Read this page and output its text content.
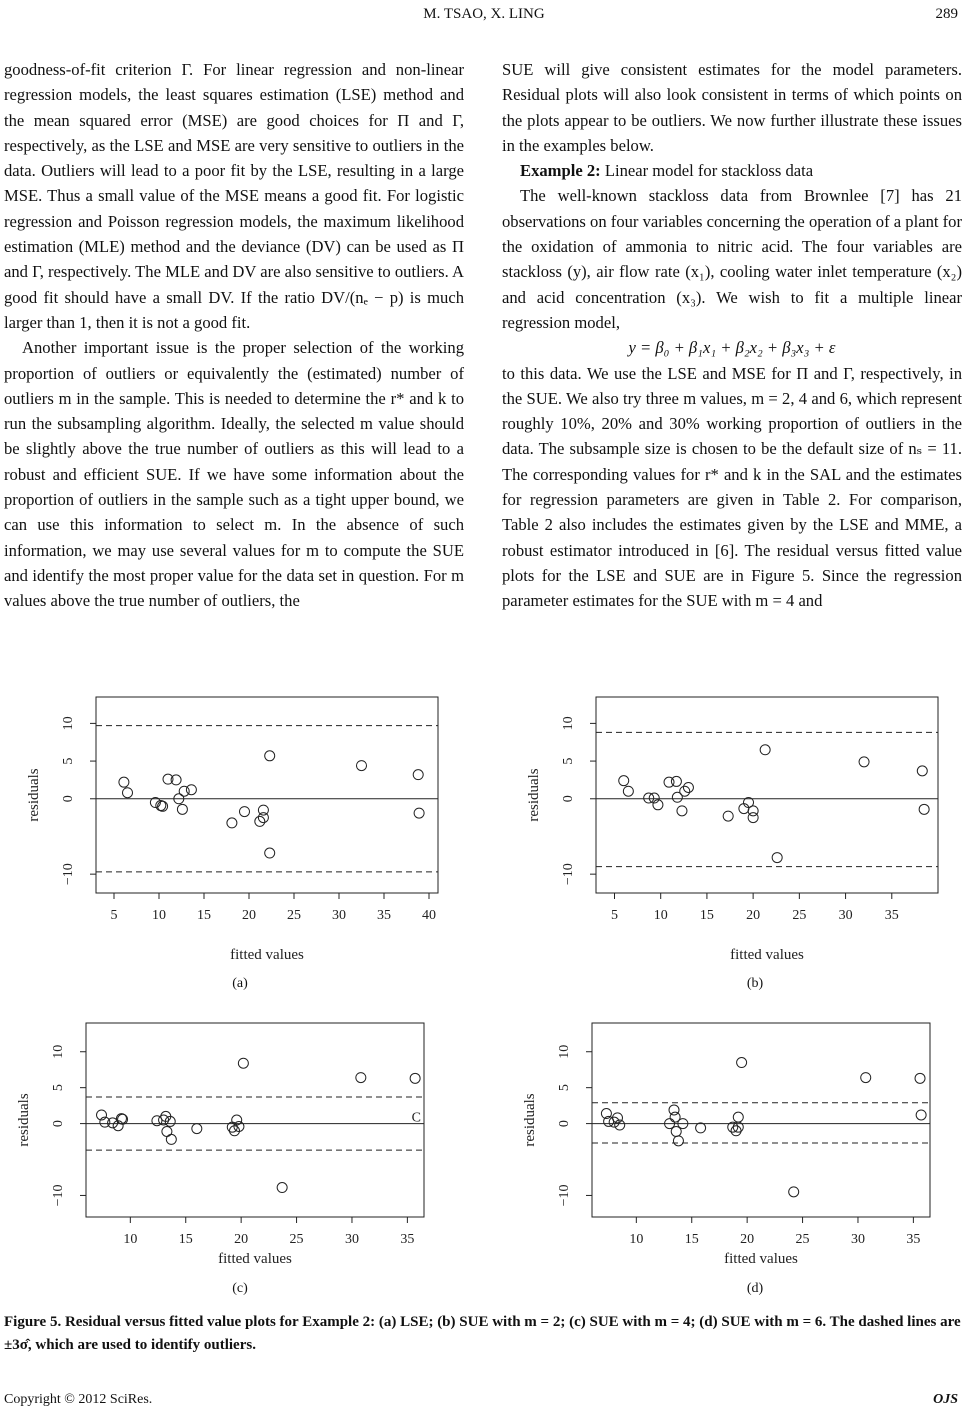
M. TSAO, X. LING	289

goodness-of-fit criterion Γ. For linear regression and non-linear regression models, the least squares estimation (LSE) method and the mean squared error (MSE) are good choices for Π and Γ, respectively, as the LSE and MSE are very sensitive to outliers in the data. Outliers will lead to a poor fit by the LSE, resulting in a large MSE. Thus a small value of the MSE means a good fit. For logistic regression and Poisson regression models, the maximum likelihood estimation (MLE) method and the deviance (DV) can be used as Π and Γ, respectively. The MLE and DV are also sensitive to outliers. A good fit should have a small DV. If the ratio DV/(nₑ − p) is much larger than 1, then it is not a good fit.

Another important issue is the proper selection of the working proportion of outliers or equivalently the (estimated) number of outliers m in the sample. This is needed to determine the r* and k to run the subsampling algorithm. Ideally, the selected m value should be slightly above the true number of outliers as this will lead to a robust and efficient SUE. If we have some information about the proportion of outliers in the sample such as a tight upper bound, we can use this information to select m. In the absence of such information, we may use several values for m to compute the SUE and identify the most proper value for the data set in question. For m values above the true number of outliers, the

SUE will give consistent estimates for the model parameters. Residual plots will also look consistent in terms of which points on the plots appear to be outliers. We now further illustrate these issues in the examples below.

Example 2: Linear model for stackloss data

The well-known stackloss data from Brownlee [7] has 21 observations on four variables concerning the operation of a plant for the oxidation of ammonia to nitric acid. The four variables are stackloss (y), air flow rate (x₁), cooling water inlet temperature (x₂) and acid concentration (x₃). We wish to fit a multiple linear regression model,

y = β₀ + β₁x₁ + β₂x₂ + β₃x₃ + ε

to this data. We use the LSE and MSE for Π and Γ, respectively, in the SUE. We also try three m values, m = 2, 4 and 6, which represent roughly 10%, 20% and 30% working proportion of outliers in the data. The subsample size is chosen to be the default size of nₛ = 11. The corresponding values for r* and k in the SAL and the estimates for regression parameters are given in Table 2. For comparison, Table 2 also includes the estimates given by the LSE and MME, a robust estimator introduced in [6]. The residual versus fitted value plots for the LSE and SUE are in Figure 5. Since the regression parameter estimates for the SUE with m = 4 and

−10
0
5
10
residuals
5 10 15 20 25 30 35 40
fitted values
(a)
−10
0
5
10
residuals
5	10 15 20 25 30 35
fitted values
(b)
−10
0
5
10
residuals
10	15	20	25	30	35
fitted values
C
(c)
−10
0
5
10
residuals
10	15	20	25	30	35
fitted values
(d)
Figure 5. Residual versus fitted value plots for Example 2: (a) LSE; (b) SUE with m = 2; (c) SUE with m = 4; (d) SUE with m = 6. The dashed lines are ±3σ̂, which are used to identify outliers.
Copyright © 2012 SciRes.	OJS
